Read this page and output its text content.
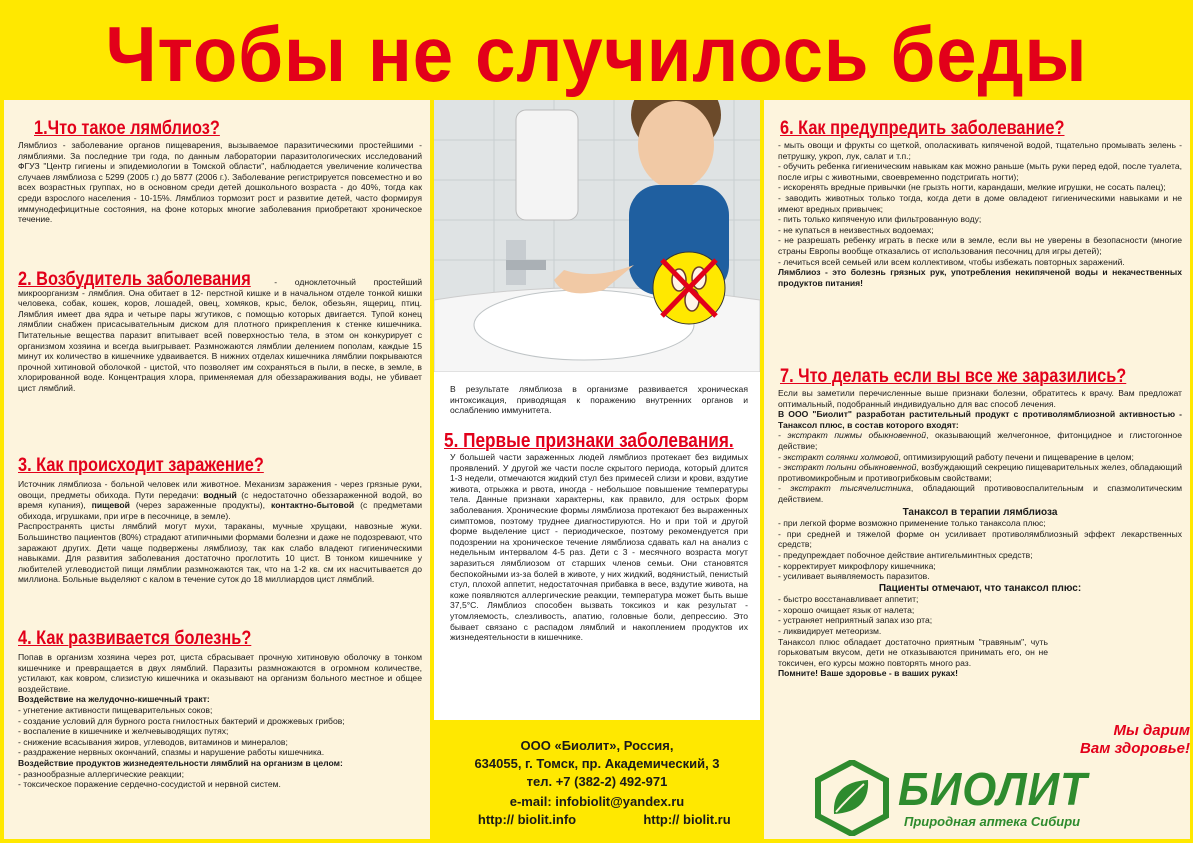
Чтобы не случилось беды
1.Что такое лямблиоз?
Лямблиоз - заболевание органов пищеварения, вызываемое паразитическими простейшими - лямблиями. За последние три года, по данным лаборатории паразитологических исследований ФГУЗ "Центр гигиены и эпидемиологии в Томской области", наблюдается увеличение количества случаев лямблиоза с 5299 (2005 г.) до 5877 (2006 г.). Заболевание регистрируется повсеместно и во всех возрастных группах, но в основном среди детей дошкольного возраста - до 40%, тогда как среди взрослого населения - 10-15%. Лямблиоз тормозит рост и развитие детей, часто формируя иммунодефицитные состояния, на фоне которых многие заболевания приобретают хроническое течение.
2. Возбудитель заболевания - одноклеточный простейший микроорганизм - лямблия. Она обитает в 12- перстной кишке и в начальном отделе тонкой кишки человека, собак, кошек, коров, лошадей, овец, хомяков, крыс, белок, обезьян, ящериц, птиц. Лямблия имеет два ядра и четыре пары жгутиков, с помощью которых двигается. Тупой конец лямблии снабжен присасывательным диском для плотного прикрепления к стенке кишечника. Питательные вещества паразит впитывает всей поверхностью тела, в этом он конкурирует с организмом хозяина и всегда выигрывает. Размножаются лямблии делением пополам, каждые 15 минут их количество в кишечнике удваивается. В нижних отделах кишечника лямблии покрываются прочной хитиновой оболочкой - цистой, что позволяет им сохраняться в пыли, в песке, в земле, в хлорированной воде. Концентрация хлора, применяемая для обеззараживания воды, не убивает цист лямблий.
3. Как происходит заражение?
Источник лямблиоза - больной человек или животное. Механизм заражения - через грязные руки, овощи, предметы обихода. Пути передачи: водный (с недостаточно обеззараженной водой, во время купания), пищевой (через зараженные продукты), контактно-бытовой (с предметами обихода, игрушками, при игре в песочнице, в земле).
Распространять цисты лямблий могут мухи, тараканы, мучные хрущаки, навозные жуки. Большинство пациентов (80%) страдают атипичными формами болезни и даже не подозревают, что заражают других. Дети чаще подвержены лямблиозу, так как слабо владеют гигиеническими навыками. Для развития заболевания достаточно проглотить 10 цист. В тонком кишечнике у любителей углеводистой пищи лямблии размножаются так, что на 1-2 кв. см их насчитывается до миллиона. Больные выделяют с калом в течение суток до 18 миллиардов цист лямблий.
4. Как развивается болезнь?
Попав в организм хозяина через рот, циста сбрасывает прочную хитиновую оболочку в тонком кишечнике и превращается в двух лямблий. Паразиты размножаются в огромном количестве, устилают, как ковром, слизистую кишечника и оказывают на организм больного местное и общее воздействие.
Воздействие на желудочно-кишечный тракт:
- угнетение активности пищеварительных соков;
- создание условий для бурного роста гнилостных бактерий и дрожжевых грибов;
- воспаление в кишечнике и желчевыводящих путях;
- снижение всасывания жиров, углеводов, витаминов и минералов;
- раздражение нервных окончаний, спазмы и нарушение работы кишечника.
Воздействие продуктов жизнедеятельности лямблий на организм в целом:
- разнообразные аллергические реакции;
- токсическое поражение сердечно-сосудистой и нервной систем.
В результате лямблиоза в организме развивается хроническая интоксикация, приводящая к поражению внутренних органов и ослаблению иммунитета.
5. Первые признаки заболевания.
У большей части зараженных людей лямблиоз протекает без видимых проявлений. У другой же части после скрытого периода, который длится 1-3 недели, отмечаются жидкий стул без примесей слизи и крови, вздутие живота, отрыжка и рвота, иногда - небольшое повышение температуры тела. Данные признаки характерны, как правило, для острых форм заболевания. Хронические формы лямблиоза протекают без выраженных симптомов, поэтому труднее диагностируются. Но и при той и другой форме выделение цист - периодическое, поэтому рекомендуется при подозрении на хроническое течение лямблиоза сдавать кал на анализ с недельным интервалом 4-5 раз. Дети с 3 - месячного возраста могут заразиться лямблиозом от старших членов семьи. Они становятся беспокойными из-за болей в животе, у них жидкий, водянистый, пенистый стул, плохой аппетит, недостаточная прибавка в весе, вздутие живота, на коже появляются аллергические реакции, температура может быть выше 37,5°С. Лямблиоз способен вызвать токсикоз и как результат - утомляемость, слезливость, апатию, головные боли, депрессию. Это бывает связано с распадом лямблий и накоплением продуктов их жизнедеятельности в кишечнике.
ООО «Биолит», Россия,
634055, г. Томск, пр. Академический, 3
тел. +7 (382-2) 492-971
e-mail: infobiolit@yandex.ru
http:// biolit.info	http:// biolit.ru
6. Как предупредить заболевание?
- мыть овощи и фрукты со щеткой, ополаскивать кипяченой водой, тщательно промывать зелень - петрушку, укроп, лук, салат и т.п.;
- обучить ребенка гигиеническим навыкам как можно раньше (мыть руки перед едой, после туалета, после игры с животными, своевременно подстригать ногти);
- искоренять вредные привычки (не грызть ногти, карандаши, мелкие игрушки, не сосать палец);
- заводить животных только тогда, когда дети в доме овладеют гигиеническими навыками и не имеют вредных привычек;
- пить только кипяченую или фильтрованную воду;
- не купаться в неизвестных водоемах;
- не разрешать ребенку играть в песке или в земле, если вы не уверены в безопасности (многие страны Европы вообще отказались от использования песочниц для игры детей);
- лечиться всей семьей или всем коллективом, чтобы избежать повторных заражений.
Лямблиоз - это болезнь грязных рук, употребления некипяченой воды и некачественных продуктов питания!
7. Что делать если вы все же заразились?
Если вы заметили перечисленные выше признаки болезни, обратитесь к врачу. Вам предложат оптимальный, подобранный индивидуально для вас способ лечения.
В ООО "Биолит" разработан растительный продукт с противолямблиозной активностью - Танаксол плюс, в состав которого входят:
- экстракт пижмы обыкновенной, оказывающий желчегонное, фитонцидное и глистогонное действие;
- экстракт солянки холмовой, оптимизирующий работу печени и пищеварение в целом;
- экстракт полыни обыкновенной, возбуждающий секрецию пищеварительных желез, обладающий противомикробным и противогрибковым свойствами;
- экстракт тысячелистника, обладающий противовоспалительным и спазмолитическим действием.
Танаксол в терапии лямблиоза
- при легкой форме возможно применение только танаксола плюс;
- при средней и тяжелой форме он усиливает противолямблиозный эффект лекарственных средств;
- предупреждает побочное действие антигельминтных средств;
- корректирует микрофлору кишечника;
- усиливает выявляемость паразитов.
Пациенты отмечают, что танаксол плюс:
- быстро восстанавливает аппетит;
- хорошо очищает язык от налета;
- устраняет неприятный запах изо рта;
- ликвидирует метеоризм.
Танаксол плюс обладает достаточно приятным "травяным", чуть горьковатым вкусом, дети не отказываются принимать его, он не токсичен, его курсы можно повторять много раз.
Помните! Ваше здоровье - в ваших руках!
Мы дарим
Вам здоровье!
БИОЛИТ
Природная аптека Сибири
